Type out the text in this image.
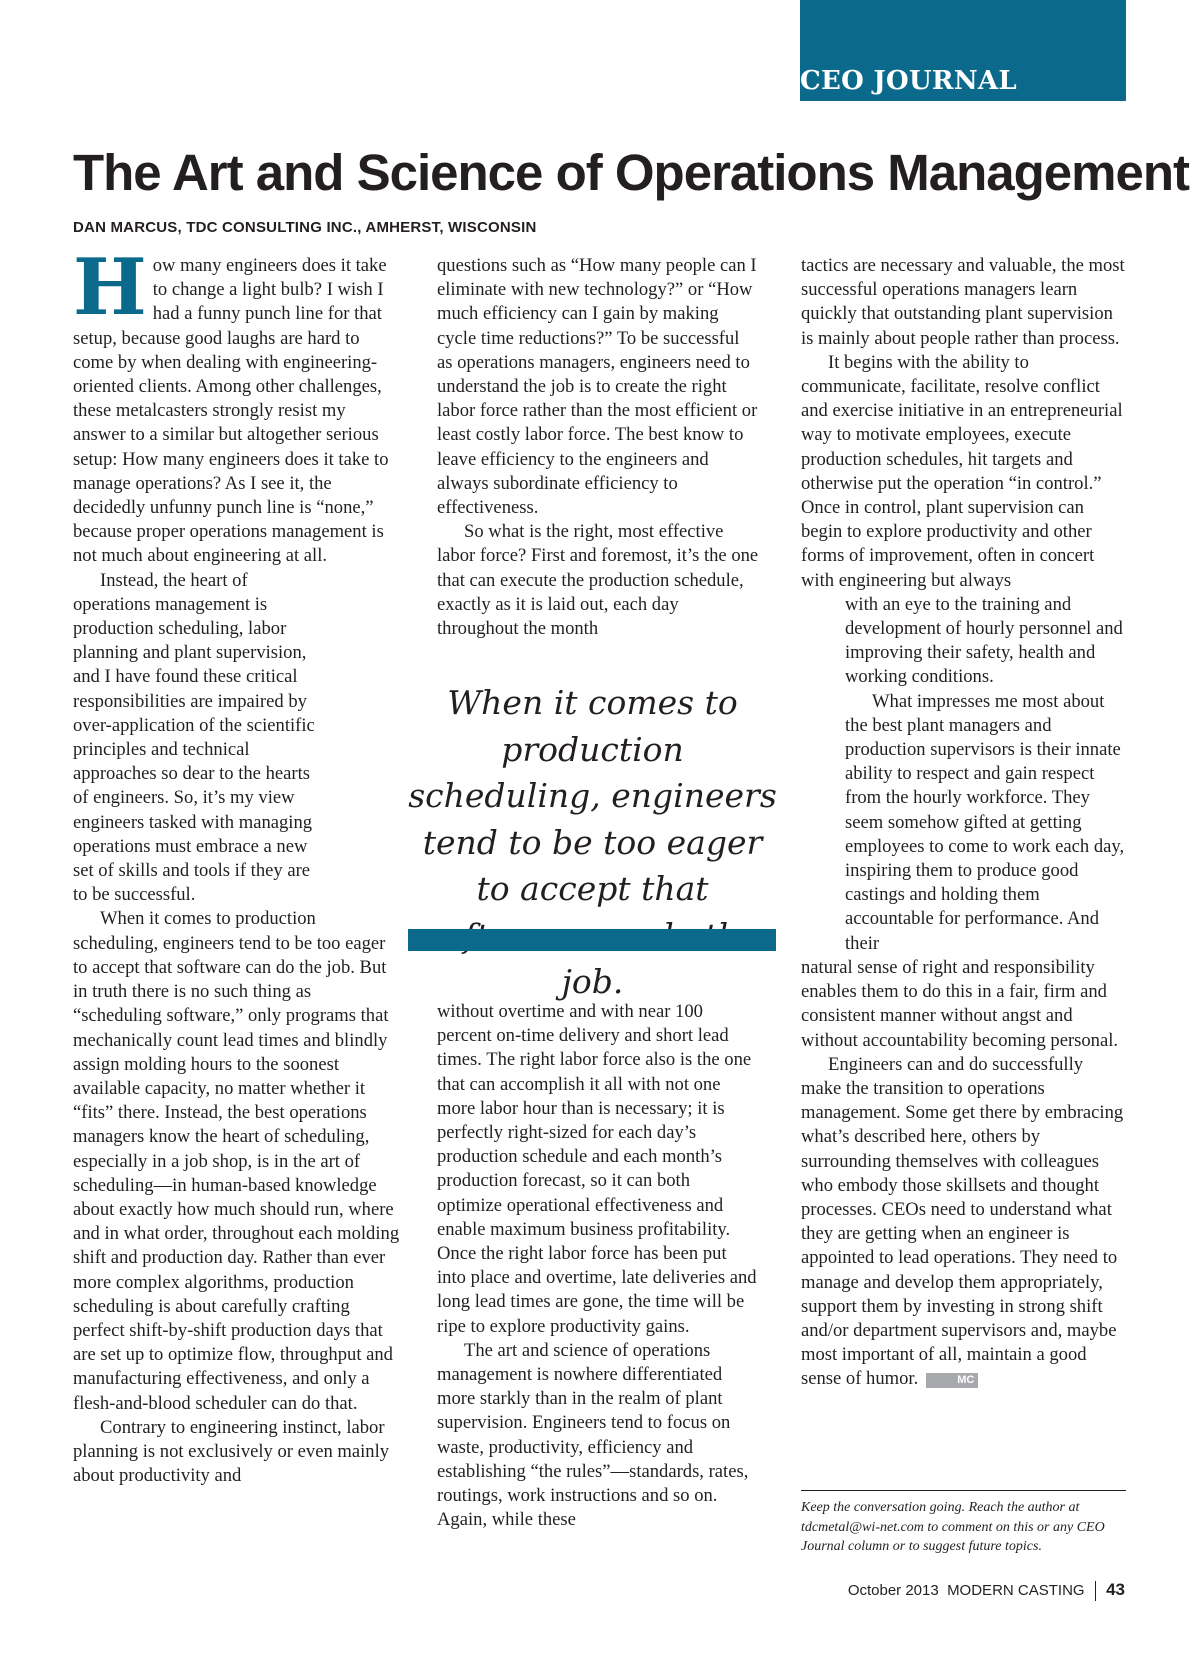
CEO JOURNAL
The Art and Science of Operations Management
DAN MARCUS, TDC CONSULTING INC., AMHERST, WISCONSIN

How many engineers does it take to change a light bulb? I wish I had a funny punch line for that setup, because good laughs are hard to come by when dealing with engineering-oriented clients. Among other challenges, these metalcasters strongly resist my answer to a similar but altogether serious setup: How many engineers does it take to manage operations? As I see it, the decidedly unfunny punch line is “none,” because proper operations management is not much about engineering at all.

Instead, the heart of operations management is production scheduling, labor planning and plant supervision, and I have found these critical responsibilities are impaired by over-application of the scientific principles and technical approaches so dear to the hearts of engineers. So, it’s my view engineers tasked with managing operations must embrace a new set of skills and tools if they are to be successful.

When it comes to production scheduling, engineers tend to be too eager to accept that software can do the job. But in truth there is no such thing as “scheduling software,” only programs that mechanically count lead times and blindly assign molding hours to the soonest available capacity, no matter whether it “fits” there. Instead, the best operations managers know the heart of scheduling, especially in a job shop, is in the art of scheduling—in human-based knowledge about exactly how much should run, where and in what order, throughout each molding shift and production day. Rather than ever more complex algorithms, production scheduling is about carefully crafting perfect shift-by-shift production days that are set up to optimize flow, throughput and manufacturing effectiveness, and only a flesh-and-blood scheduler can do that.

Contrary to engineering instinct, labor planning is not exclusively or even mainly about productivity and

questions such as “How many people can I eliminate with new technology?” or “How much efficiency can I gain by making cycle time reductions?” To be successful as operations managers, engineers need to understand the job is to create the right labor force rather than the most efficient or least costly labor force. The best know to leave efficiency to the engineers and always subordinate efficiency to effectiveness.

So what is the right, most effective labor force? First and foremost, it’s the one that can execute the production schedule, exactly as it is laid out, each day throughout the month

When it comes to production scheduling, engineers tend to be too eager to accept that job.

without overtime and with near 100 percent on-time delivery and short lead times. The right labor force also is the one that can accomplish it all with not one more labor hour than is necessary; it is perfectly right-sized for each day’s production schedule and each month’s production forecast, so it can both optimize operational effectiveness and enable maximum business profitability. Once the right labor force has been put into place and overtime, late deliveries and long lead times are gone, the time will be ripe to explore productivity gains.

The art and science of operations management is nowhere differentiated more starkly than in the realm of plant supervision. Engineers tend to focus on waste, productivity, efficiency and establishing “the rules”—standards, rates, routings, work instructions and so on. Again, while these

tactics are necessary and valuable, the most successful operations managers learn quickly that outstanding plant supervision is mainly about people rather than process.

It begins with the ability to communicate, facilitate, resolve conflict and exercise initiative in an entrepreneurial way to motivate employees, execute production schedules, hit targets and otherwise put the operation “in control.” Once in control, plant supervision can begin to explore productivity and other forms of improvement, often in concert with engineering but always

with an eye to the training and development of hourly personnel and improving their safety, health and working conditions.

What impresses me most about the best plant managers and production supervisors is their innate ability to respect and gain respect from the hourly workforce. They seem somehow gifted at getting employees to come to work each day, inspiring them to produce good castings and holding them accountable for performance. And their

natural sense of right and responsibility enables them to do this in a fair, firm and consistent manner without angst and without accountability becoming personal.

Engineers can and do successfully make the transition to operations management. Some get there by embracing what’s described here, others by surrounding themselves with colleagues who embody those skillsets and thought processes. CEOs need to understand what they are getting when an engineer is appointed to lead operations. They need to manage and develop them appropriately, support them by investing in strong shift and/or department supervisors and, maybe most important of all, maintain a good sense of humor.	MC

Keep the conversation going. Reach the author at tdcmetal@wi-net.com to comment on this or any CEO Journal column or to suggest future topics.

October 2013 MODERN CASTING 43
